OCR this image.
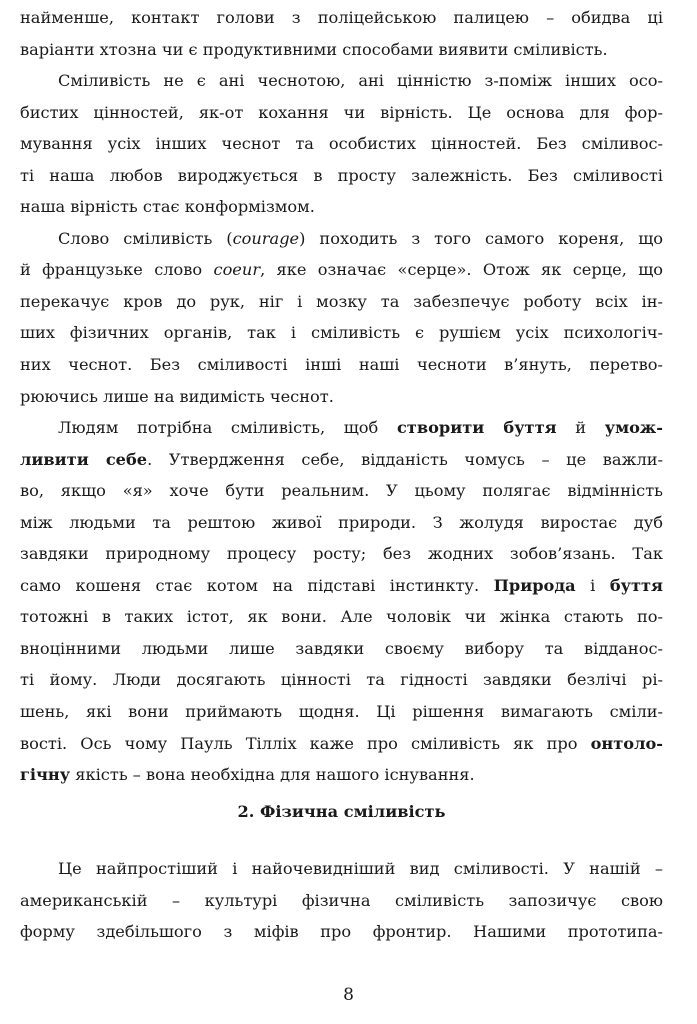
найменше, контакт голови з поліцейською палицею – обидва ці
варіанти хтозна чи є продуктивними способами виявити сміливість.
Сміливість не є ані чеснотою, ані цінністю з-поміж інших осо-
бистих цінностей, як-от кохання чи вірність. Це основа для фор-
мування усіх інших чеснот та особистих цінностей. Без сміливос-
ті наша любов вироджується в просту залежність. Без сміливості
наша вірність стає конформізмом.
Слово сміливість (courage) походить з того самого кореня, що
й французьке слово coeur, яке означає «серце». Отож як серце, що
перекачує кров до рук, ніг і мозку та забезпечує роботу всіх ін-
ших фізичних органів, так і сміливість є рушієм усіх психологіч-
них чеснот. Без сміливості інші наші чесноти в’януть, перетво-
рюючись лише на видимість чеснот.
Людям потрібна сміливість, щоб створити буття й умож-
ливити себе. Утвердження себе, відданість чомусь – це важли-
во, якщо «я» хоче бути реальним. У цьому полягає відмінність
між людьми та рештою живої природи. З жолудя виростає дуб
завдяки природному процесу росту; без жодних зобов’язань. Так
само кошеня стає котом на підставі інстинкту. Природа і буття
тотожні в таких істот, як вони. Але чоловік чи жінка стають по-
вноцінними людьми лише завдяки своєму вибору та відданос-
ті йому. Люди досягають цінності та гідності завдяки безлічі рі-
шень, які вони приймають щодня. Ці рішення вимагають сміли-
вості. Ось чому Пауль Тілліх каже про сміливість як про онтоло-
гічну якість – вона необхідна для нашого існування.
2. Фізична сміливість
Це найпростіший і найочевидніший вид сміливості. У нашій –
американській – культурі фізична сміливість запозичує свою
форму здебільшого з міфів про фронтир. Нашими прототипа-
8
